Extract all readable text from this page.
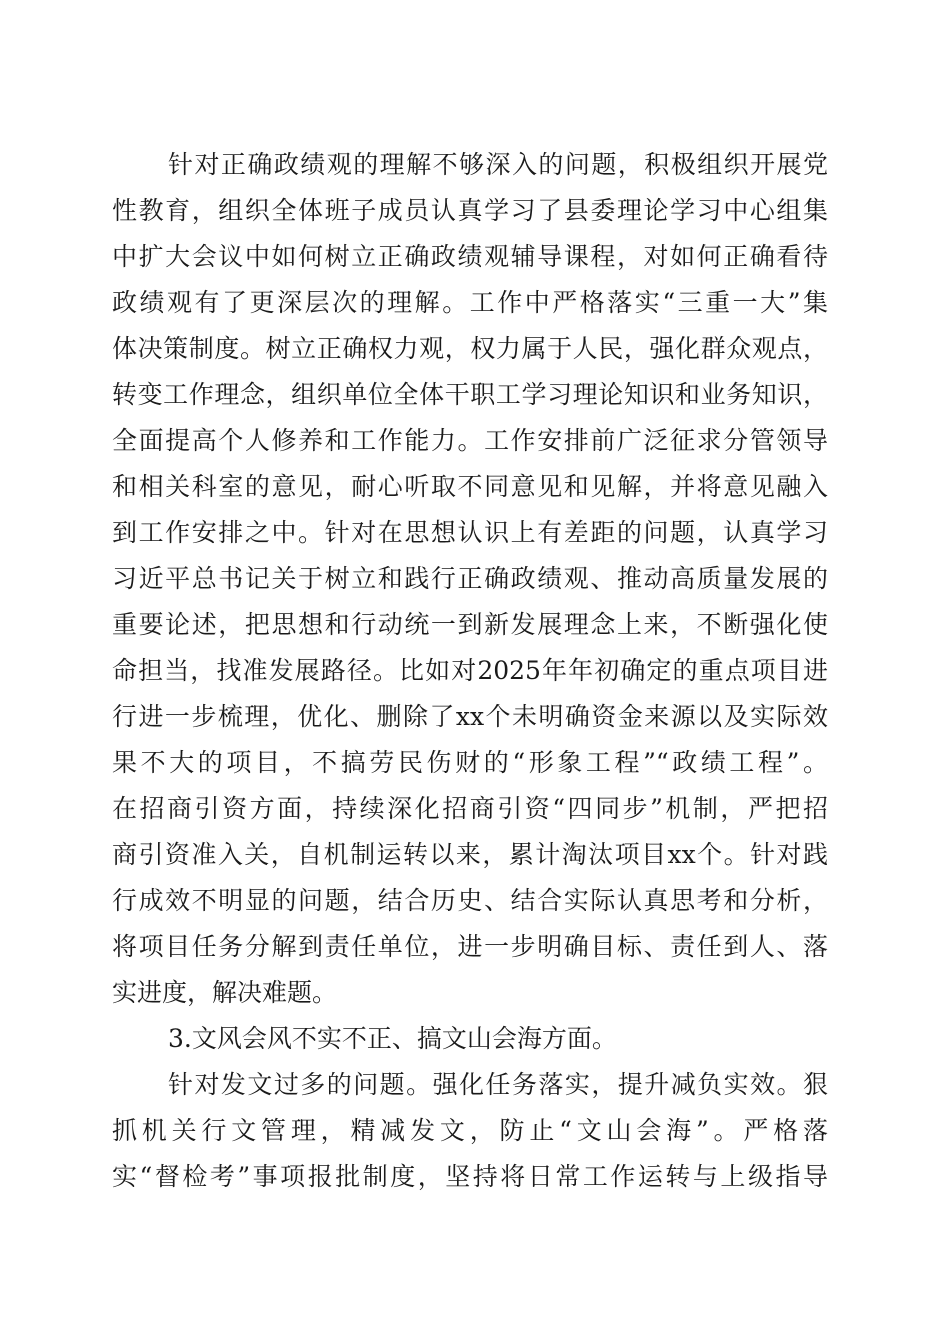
针对正确政绩观的理解不够深入的问题，积极组织开展党
性教育，组织全体班子成员认真学习了县委理论学习中心组集
中扩大会议中如何树立正确政绩观辅导课程，对如何正确看待
政绩观有了更深层次的理解。工作中严格落实“三重一大”集
体决策制度。树立正确权力观，权力属于人民，强化群众观点，
转变工作理念，组织单位全体干职工学习理论知识和业务知识，
全面提高个人修养和工作能力。工作安排前广泛征求分管领导
和相关科室的意见，耐心听取不同意见和见解，并将意见融入
到工作安排之中。针对在思想认识上有差距的问题，认真学习
习近平总书记关于树立和践行正确政绩观、推动高质量发展的
重要论述，把思想和行动统一到新发展理念上来，不断强化使
命担当，找准发展路径。比如对2025年年初确定的重点项目进
行进一步梳理，优化、删除了xx个未明确资金来源以及实际效
果不大的项目，不搞劳民伤财的“形象工程”“政绩工程”。
在招商引资方面，持续深化招商引资“四同步”机制，严把招
商引资准入关，自机制运转以来，累计淘汰项目xx个。针对践
行成效不明显的问题，结合历史、结合实际认真思考和分析，
将项目任务分解到责任单位，进一步明确目标、责任到人、落
实进度，解决难题。
3.文风会风不实不正、搞文山会海方面。
针对发文过多的问题。强化任务落实，提升减负实效。狠
抓机关行文管理，精减发文，防止“文山会海”。严格落
实“督检考”事项报批制度，坚持将日常工作运转与上级指导
